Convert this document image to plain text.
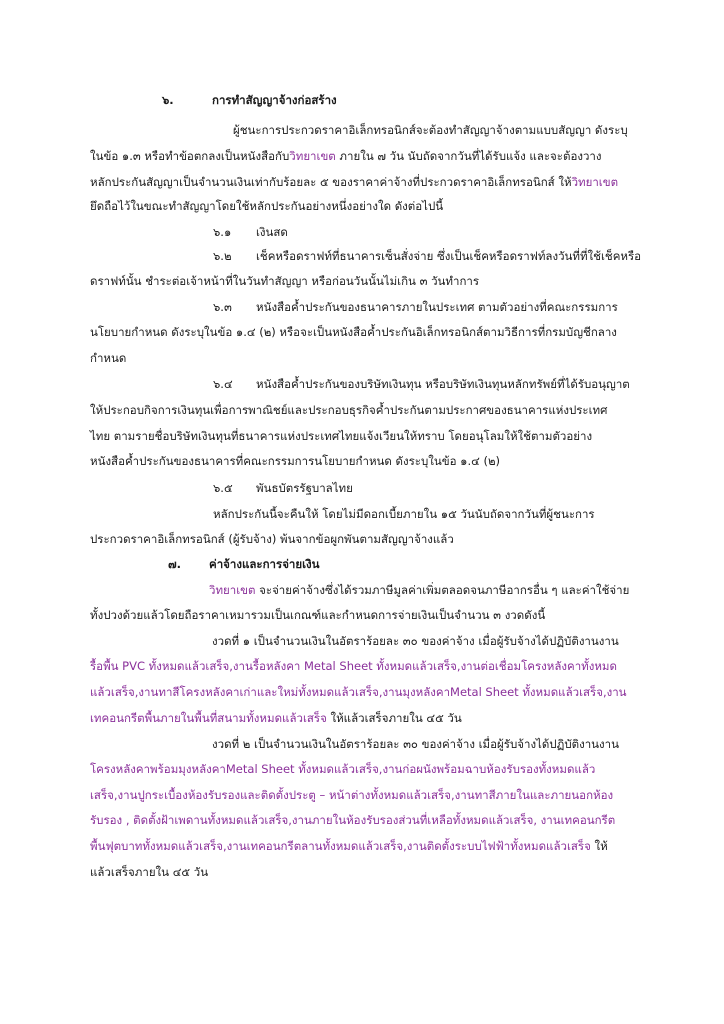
๖.	การทำสัญญาจ้างก่อสร้าง
ผู้ชนะการประกวดราคาอิเล็กทรอนิกส์จะต้องทำสัญญาจ้างตามแบบสัญญา ดังระบุ
ในข้อ ๑.๓ หรือทำข้อตกลงเป็นหนังสือกับวิทยาเขต ภายใน ๗ วัน นับถัดจากวันที่ได้รับแจ้ง และจะต้องวาง
หลักประกันสัญญาเป็นจำนวนเงินเท่ากับร้อยละ ๕ ของราคาค่าจ้างที่ประกวดราคาอิเล็กทรอนิกส์ ให้วิทยาเขต
ยึดถือไว้ในขณะทำสัญญาโดยใช้หลักประกันอย่างหนึ่งอย่างใด ดังต่อไปนี้
๖.๑ เงินสด
๖.๒ เช็คหรือดราฟท์ที่ธนาคารเซ็นสั่งจ่าย ซึ่งเป็นเช็คหรือดราฟท์ลงวันที่ที่ใช้เช็คหรือ
ดราฟท์นั้น ชำระต่อเจ้าหน้าที่ในวันทำสัญญา หรือก่อนวันนั้นไม่เกิน ๓ วันทำการ
๖.๓ หนังสือค้ำประกันของธนาคารภายในประเทศ ตามตัวอย่างที่คณะกรรมการ
นโยบายกำหนด ดังระบุในข้อ ๑.๔ (๒) หรือจะเป็นหนังสือค้ำประกันอิเล็กทรอนิกส์ตามวิธีการที่กรมบัญชีกลาง
กำหนด
๖.๔ หนังสือค้ำประกันของบริษัทเงินทุน หรือบริษัทเงินทุนหลักทรัพย์ที่ได้รับอนุญาต
ให้ประกอบกิจการเงินทุนเพื่อการพาณิชย์และประกอบธุรกิจค้ำประกันตามประกาศของธนาคารแห่งประเทศ
ไทย ตามรายชื่อบริษัทเงินทุนที่ธนาคารแห่งประเทศไทยแจ้งเวียนให้ทราบ โดยอนุโลมให้ใช้ตามตัวอย่าง
หนังสือค้ำประกันของธนาคารที่คณะกรรมการนโยบายกำหนด ดังระบุในข้อ ๑.๔ (๒)
๖.๕ พันธบัตรรัฐบาลไทย
หลักประกันนี้จะคืนให้ โดยไม่มีดอกเบี้ยภายใน ๑๕ วันนับถัดจากวันที่ผู้ชนะการ
ประกวดราคาอิเล็กทรอนิกส์ (ผู้รับจ้าง) พ้นจากข้อผูกพันตามสัญญาจ้างแล้ว
๗. ค่าจ้างและการจ่ายเงิน
วิทยาเขต จะจ่ายค่าจ้างซึ่งได้รวมภาษีมูลค่าเพิ่มตลอดจนภาษีอากรอื่น ๆ และค่าใช้จ่าย
ทั้งปวงด้วยแล้วโดยถือราคาเหมารวมเป็นเกณฑ์และกำหนดการจ่ายเงินเป็นจำนวน ๓ งวดดังนี้
งวดที่ ๑ เป็นจำนวนเงินในอัตราร้อยละ ๓๐ ของค่าจ้าง เมื่อผู้รับจ้างได้ปฏิบัติงานงาน
รื้อพื้น PVC ทั้งหมดแล้วเสร็จ,งานรื้อหลังคา Metal Sheet ทั้งหมดแล้วเสร็จ,งานต่อเชื่อมโครงหลังคาทั้งหมด
แล้วเสร็จ,งานทาสีโครงหลังคาเก่าและใหม่ทั้งหมดแล้วเสร็จ,งานมุงหลังคาMetal Sheet ทั้งหมดแล้วเสร็จ,งาน
เทคอนกรีตพื้นภายในพื้นที่สนามทั้งหมดแล้วเสร็จ ให้แล้วเสร็จภายใน ๔๕ วัน
งวดที่ ๒ เป็นจำนวนเงินในอัตราร้อยละ ๓๐ ของค่าจ้าง เมื่อผู้รับจ้างได้ปฏิบัติงานงาน
โครงหลังคาพร้อมมุงหลังคาMetal Sheet ทั้งหมดแล้วเสร็จ,งานก่อผนังพร้อมฉาบห้องรับรองทั้งหมดแล้ว
เสร็จ,งานปูกระเบื้องห้องรับรองและติดตั้งประตู – หน้าต่างทั้งหมดแล้วเสร็จ,งานทาสีภายในและภายนอกห้อง
รับรอง , ติดตั้งฝ้าเพดานทั้งหมดแล้วเสร็จ,งานภายในห้องรับรองส่วนที่เหลือทั้งหมดแล้วเสร็จ, งานเทคอนกรีต
พื้นฟุตบาททั้งหมดแล้วเสร็จ,งานเทคอนกรีตลานทั้งหมดแล้วเสร็จ,งานติดตั้งระบบไฟฟ้าทั้งหมดแล้วเสร็จ ให้
แล้วเสร็จภายใน ๔๕ วัน
